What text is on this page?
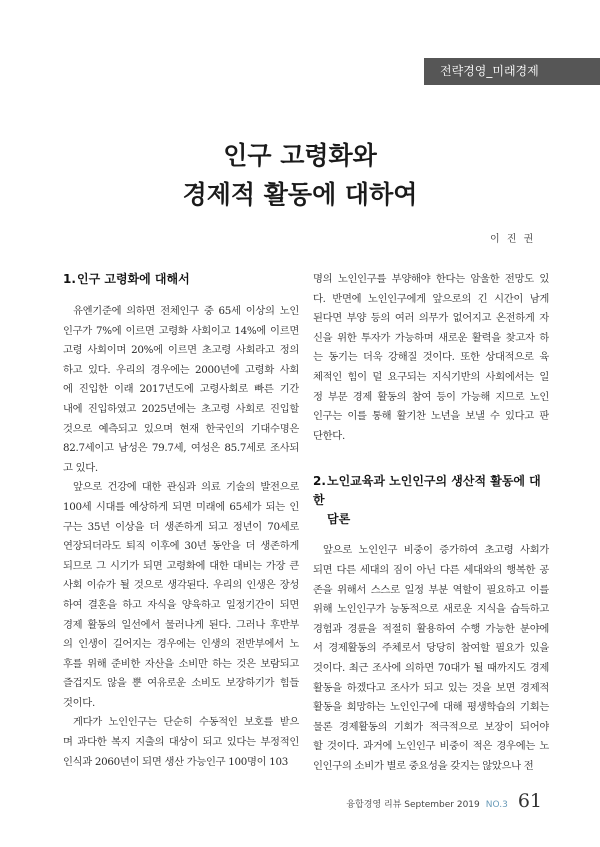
전략경영_미래경제
인구 고령화와
경제적 활동에 대하여
이 진 권

1.인구 고령화에 대해서

유엔기준에 의하면 전체인구 중 65세 이상의 노인
인구가 7%에 이르면 고령화 사회이고 14%에 이르면
고령 사회이며 20%에 이르면 초고령 사회라고 정의
하고 있다. 우리의 경우에는 2000년에 고령화 사회
에 진입한 이래 2017년도에 고령사회로 빠른 기간
내에 진입하였고 2025년에는 초고령 사회로 진입할
것으로 예측되고 있으며 현재 한국인의 기대수명은
82.7세이고 남성은 79.7세, 여성은 85.7세로 조사되
고 있다.
앞으로 건강에 대한 관심과 의료 기술의 발전으로
100세 시대를 예상하게 되면 미래에 65세가 되는 인
구는 35년 이상을 더 생존하게 되고 정년이 70세로
연장되더라도 퇴직 이후에 30년 동안을 더 생존하게
되므로 그 시기가 되면 고령화에 대한 대비는 가장 큰
사회 이슈가 될 것으로 생각된다. 우리의 인생은 장성
하여 결혼을 하고 자식을 양육하고 일정기간이 되면
경제 활동의 일선에서 물러나게 된다. 그러나 후반부
의 인생이 길어지는 경우에는 인생의 전반부에서 노
후를 위해 준비한 자산을 소비만 하는 것은 보람되고
즐겁지도 않을 뿐 여유로운 소비도 보장하기가 힘들
것이다.
게다가 노인인구는 단순히 수동적인 보호를 받으
며 과다한 복지 지출의 대상이 되고 있다는 부정적인
인식과 2060년이 되면 생산 가능인구 100명이 103
명의 노인인구를 부양해야 한다는 암울한 전망도 있
다. 반면에 노인인구에게 앞으로의 긴 시간이 남게
된다면 부양 등의 여러 의무가 없어지고 온전하게 자
신을 위한 투자가 가능하며 새로운 활력을 찾고자 하
는 동기는 더욱 강해질 것이다. 또한 상대적으로 육
체적인 힘이 덜 요구되는 지식기반의 사회에서는 일
정 부문 경제 활동의 참여 등이 가능해 지므로 노인
인구는 이를 통해 활기찬 노년을 보낼 수 있다고 판
단한다.

2.노인교육과 노인인구의 생산적 활동에 대한
담론

앞으로 노인인구 비중이 증가하여 초고령 사회가
되면 다른 세대의 짐이 아닌 다른 세대와의 행복한 공
존을 위해서 스스로 일정 부분 역할이 필요하고 이를
위해 노인인구가 능동적으로 새로운 지식을 습득하고
경험과 경륜을 적절히 활용하여 수행 가능한 분야에
서 경제활동의 주체로서 당당히 참여할 필요가 있을
것이다. 최근 조사에 의하면 70대가 될 때까지도 경제
활동을 하겠다고 조사가 되고 있는 것을 보면 경제적
활동을 희망하는 노인인구에 대해 평생학습의 기회는
물론 경제활동의 기회가 적극적으로 보장이 되어야
할 것이다. 과거에 노인인구 비중이 적은 경우에는 노
인인구의 소비가 별로 중요성을 갖지는 않았으나 전
융합경영 리뷰 September 2019 NO.3 61
